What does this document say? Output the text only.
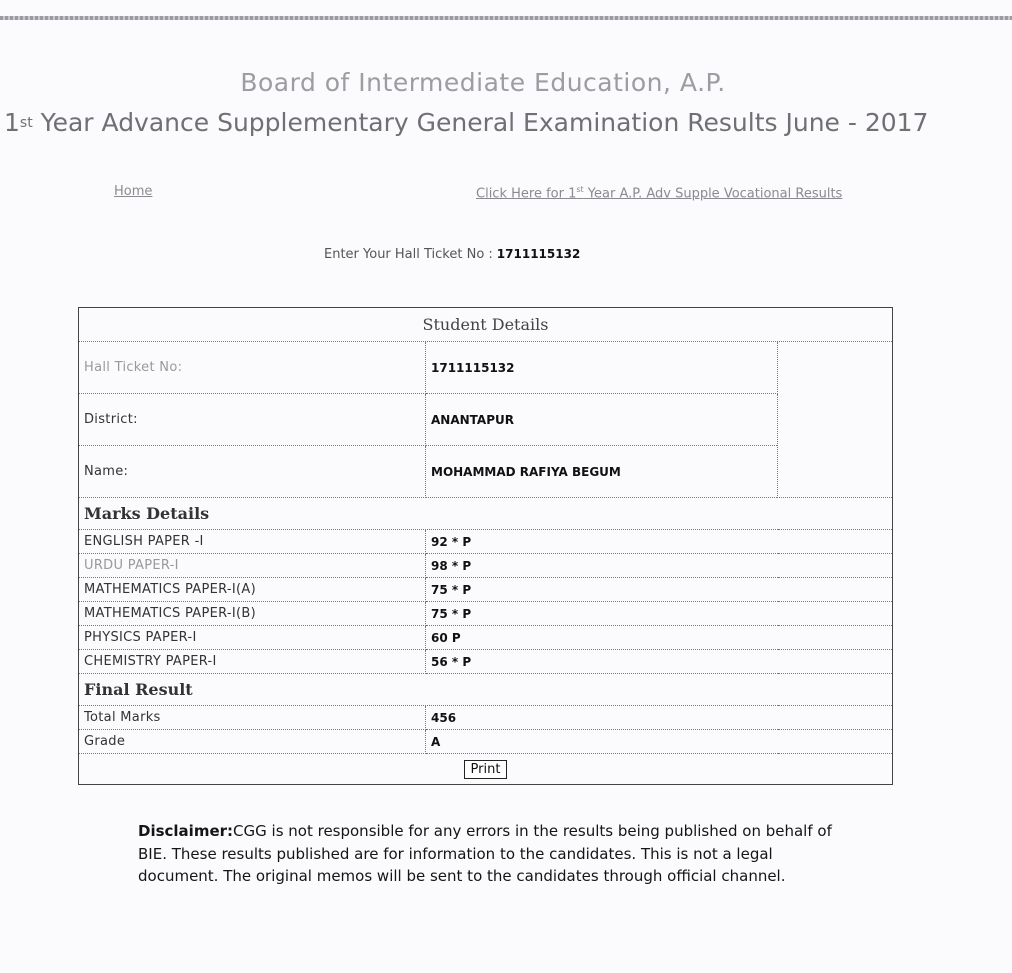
Board of Intermediate Education, A.P.
1st Year Advance Supplementary General Examination Results June - 2017
Home	Click Here for 1st Year A.P. Adv Supple Vocational Results
Enter Your Hall Ticket No : 1711115132
Student Details		
Hall Ticket No:	1711115132	
District:	ANANTAPUR	
Name:	MOHAMMAD RAFIYA BEGUM	
Marks Details		
ENGLISH PAPER -I	92 * P	
URDU PAPER-I	98 * P	
MATHEMATICS PAPER-I(A)	75 * P	
MATHEMATICS PAPER-I(B)	75 * P	
PHYSICS PAPER-I	60 P	
CHEMISTRY PAPER-I	56 * P	
Final Result		
Total Marks	456	
Grade	A	
Print		
Disclaimer:CGG is not responsible for any errors in the results being published on behalf of BIE. These results published are for information to the candidates. This is not a legal document. The original memos will be sent to the candidates through official channel.
